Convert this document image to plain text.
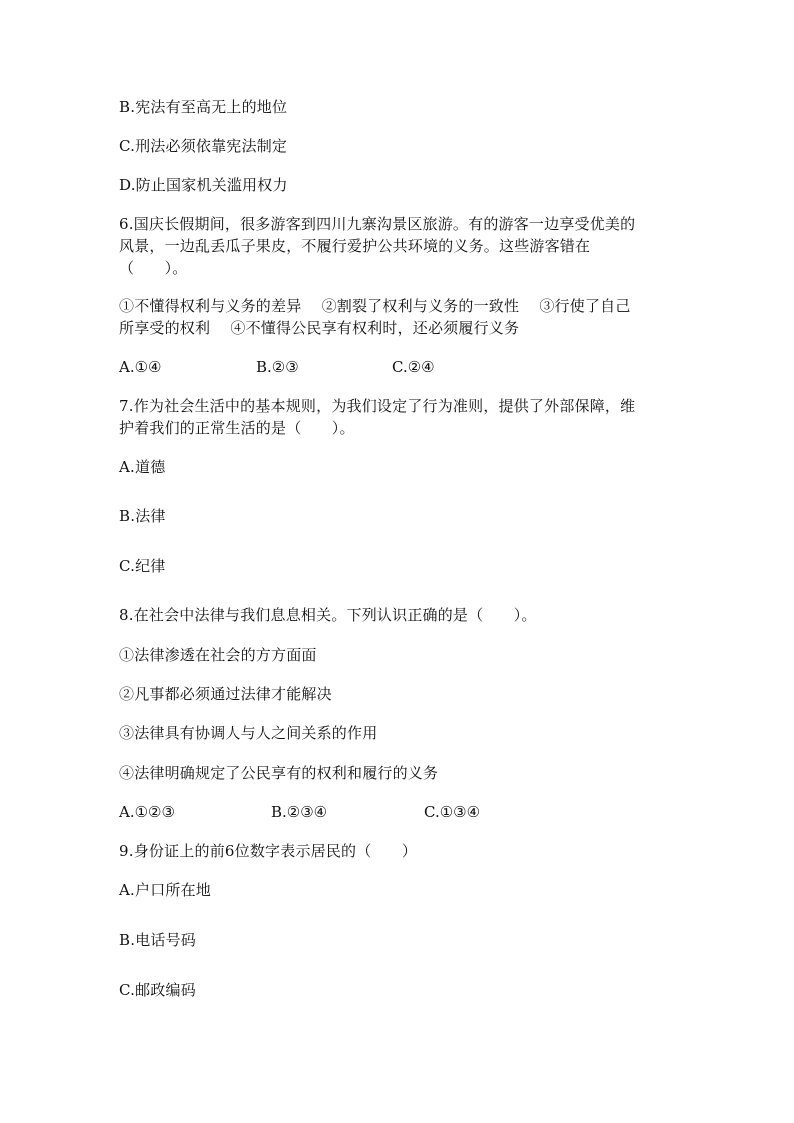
B.宪法有至高无上的地位
C.刑法必须依靠宪法制定
D.防止国家机关滥用权力
6.国庆长假期间，很多游客到四川九寨沟景区旅游。有的游客一边享受优美的
风景，一边乱丢瓜子果皮，不履行爱护公共环境的义务。这些游客错在
（　　）。
①不懂得权利与义务的差异　 ②割裂了权利与义务的一致性　 ③行使了自己
所享受的权利　 ④不懂得公民享有权利时，还必须履行义务
A.①④	B.②③	C.②④
7.作为社会生活中的基本规则，为我们设定了行为准则，提供了外部保障，维
护着我们的正常生活的是（　　）。
A.道德
B.法律
C.纪律
8.在社会中法律与我们息息相关。下列认识正确的是（　　）。
①法律渗透在社会的方方面面
②凡事都必须通过法律才能解决
③法律具有协调人与人之间关系的作用
④法律明确规定了公民享有的权利和履行的义务
A.①②③	B.②③④	C.①③④
9.身份证上的前6位数字表示居民的（　　）
A.户口所在地
B.电话号码
C.邮政编码
